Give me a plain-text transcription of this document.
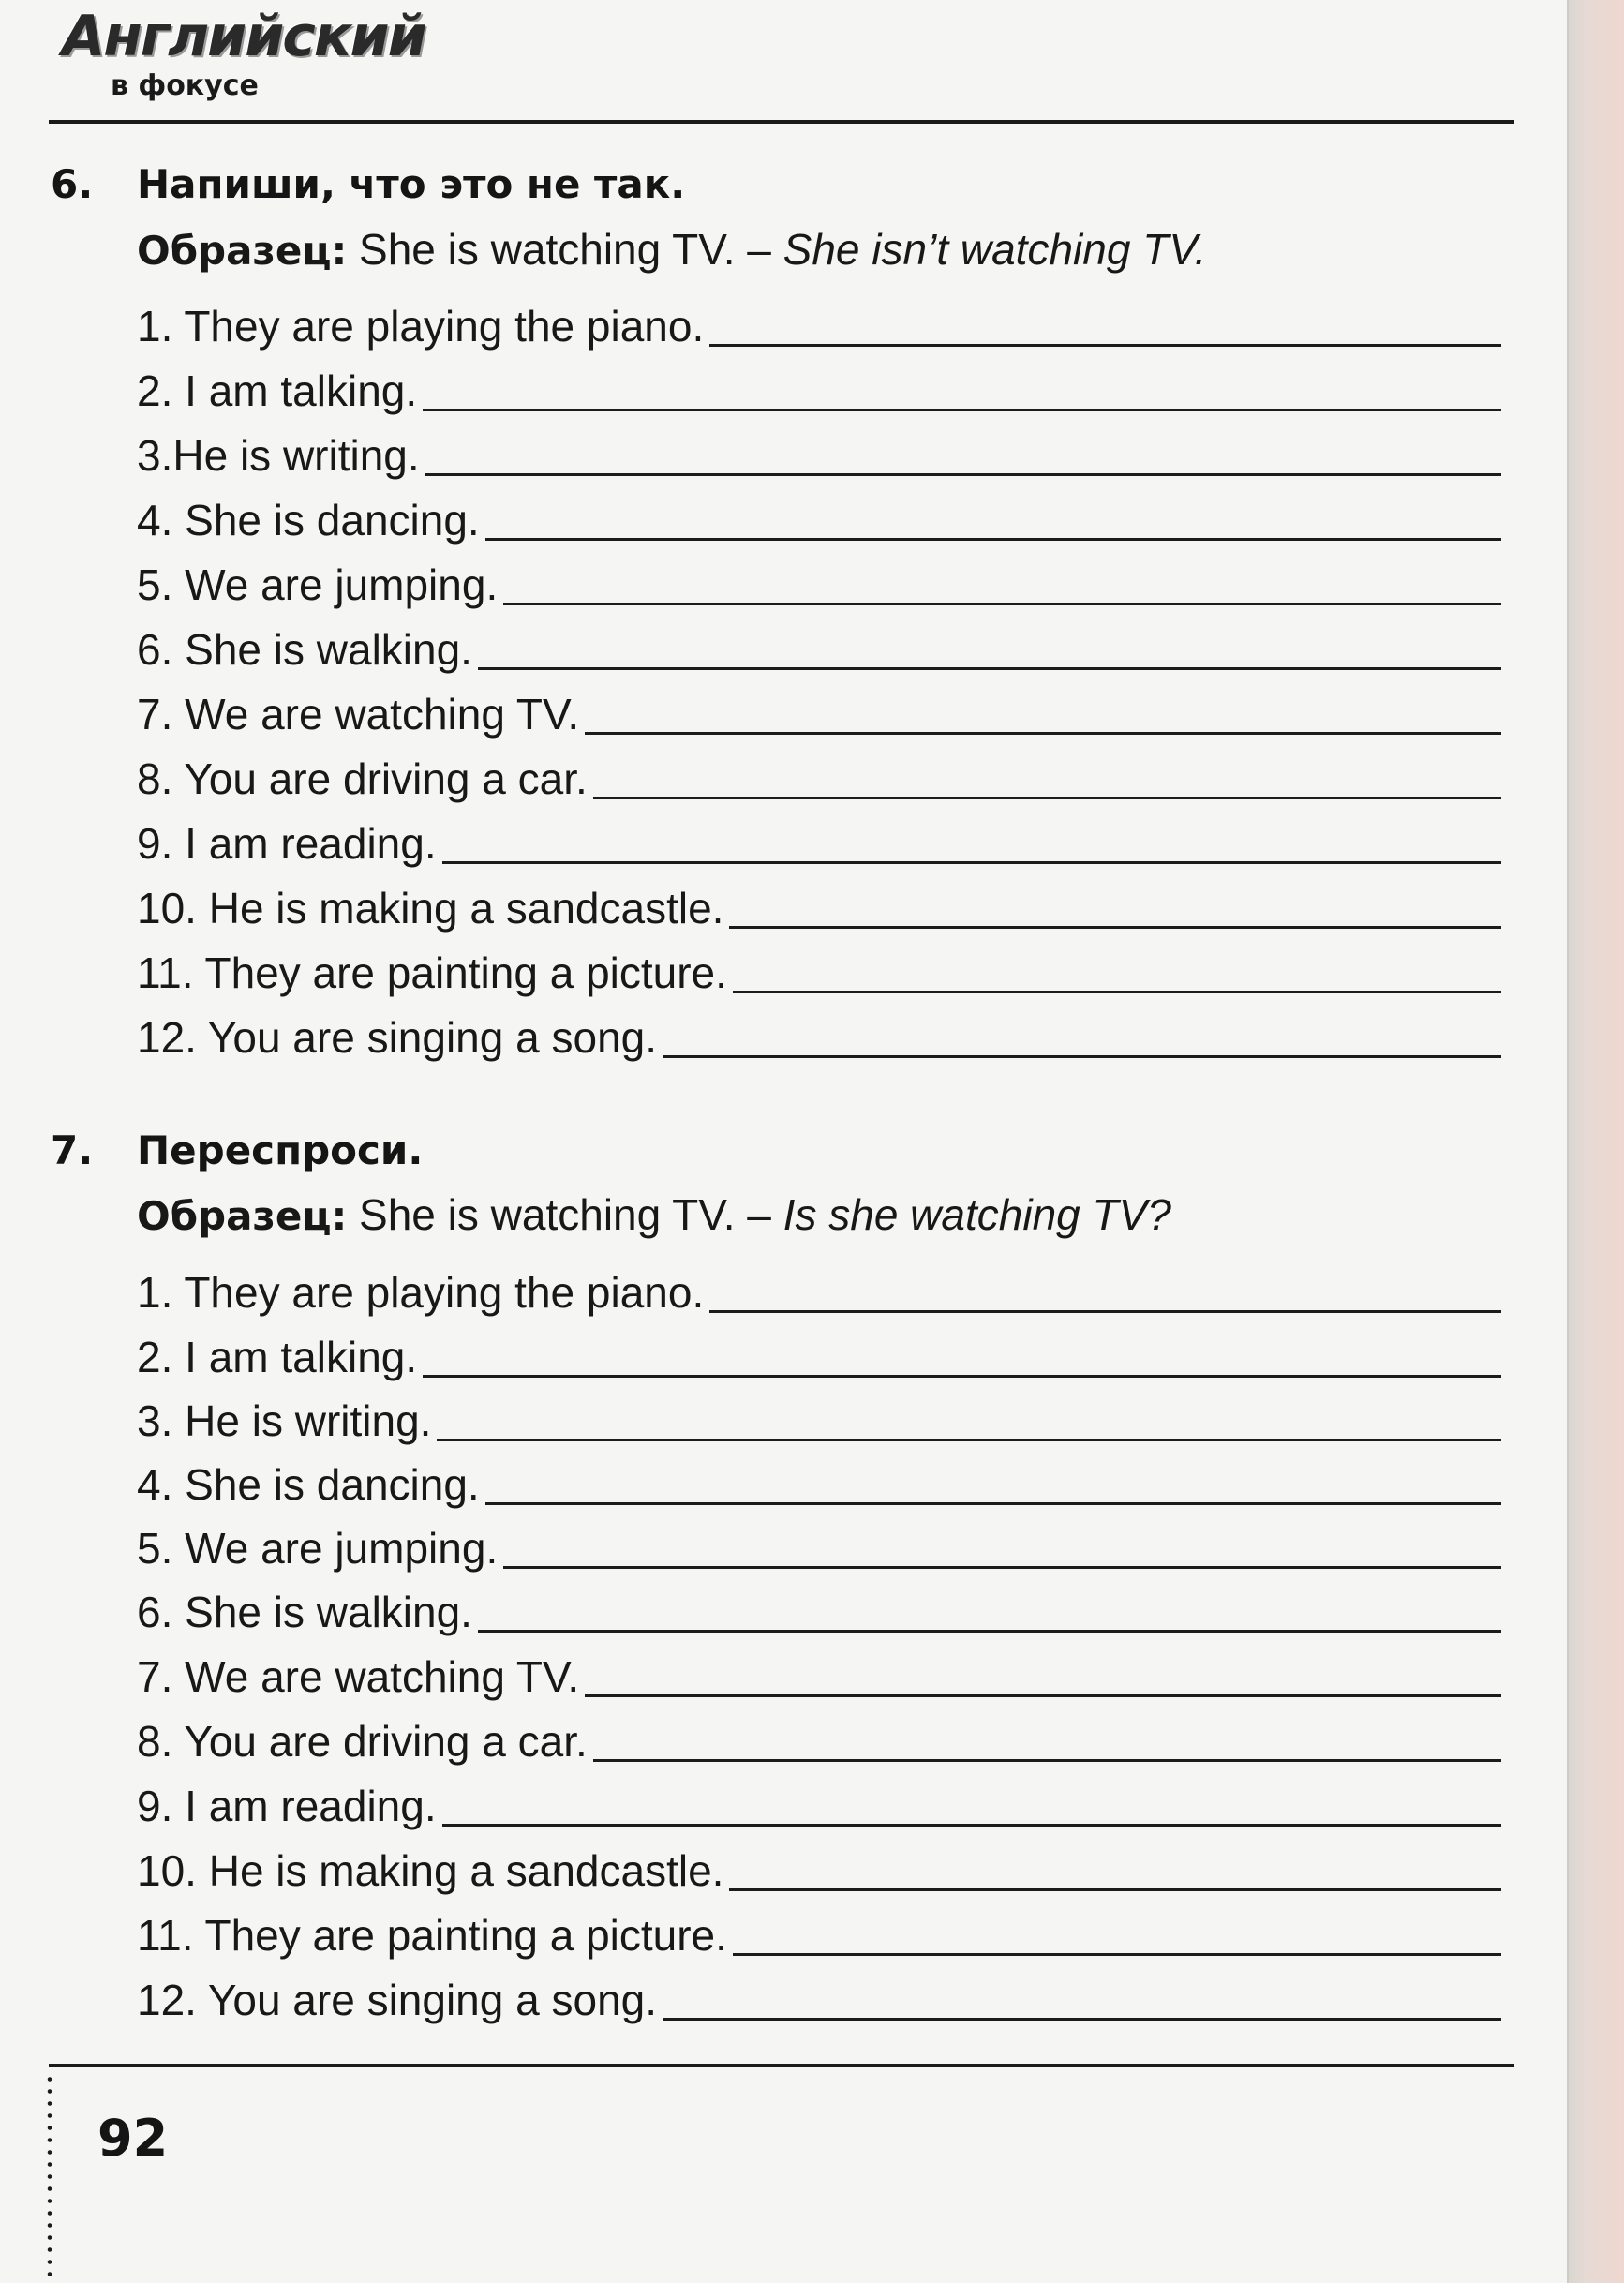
Английский
в фокусе
6. Напиши, что это не так.
Образец: She is watching TV. – She isn’t watching TV.
1. They are playing the piano.
2. I am talking.
3.He is writing.
4. She is dancing.
5. We are jumping.
6. She is walking.
7. We are watching TV.
8. You are driving a car.
9. I am reading.
10. He is making a sandcastle.
11. They are painting a picture.
12. You are singing a song.
7. Переспроси.
Образец: She is watching TV. – Is she watching TV?
1. They are playing the piano.
2. I am talking.
3. He is writing.
4. She is dancing.
5. We are jumping.
6. She is walking.
7. We are watching TV.
8. You are driving a car.
9. I am reading.
10. He is making a sandcastle.
11. They are painting a picture.
12. You are singing a song.
92
